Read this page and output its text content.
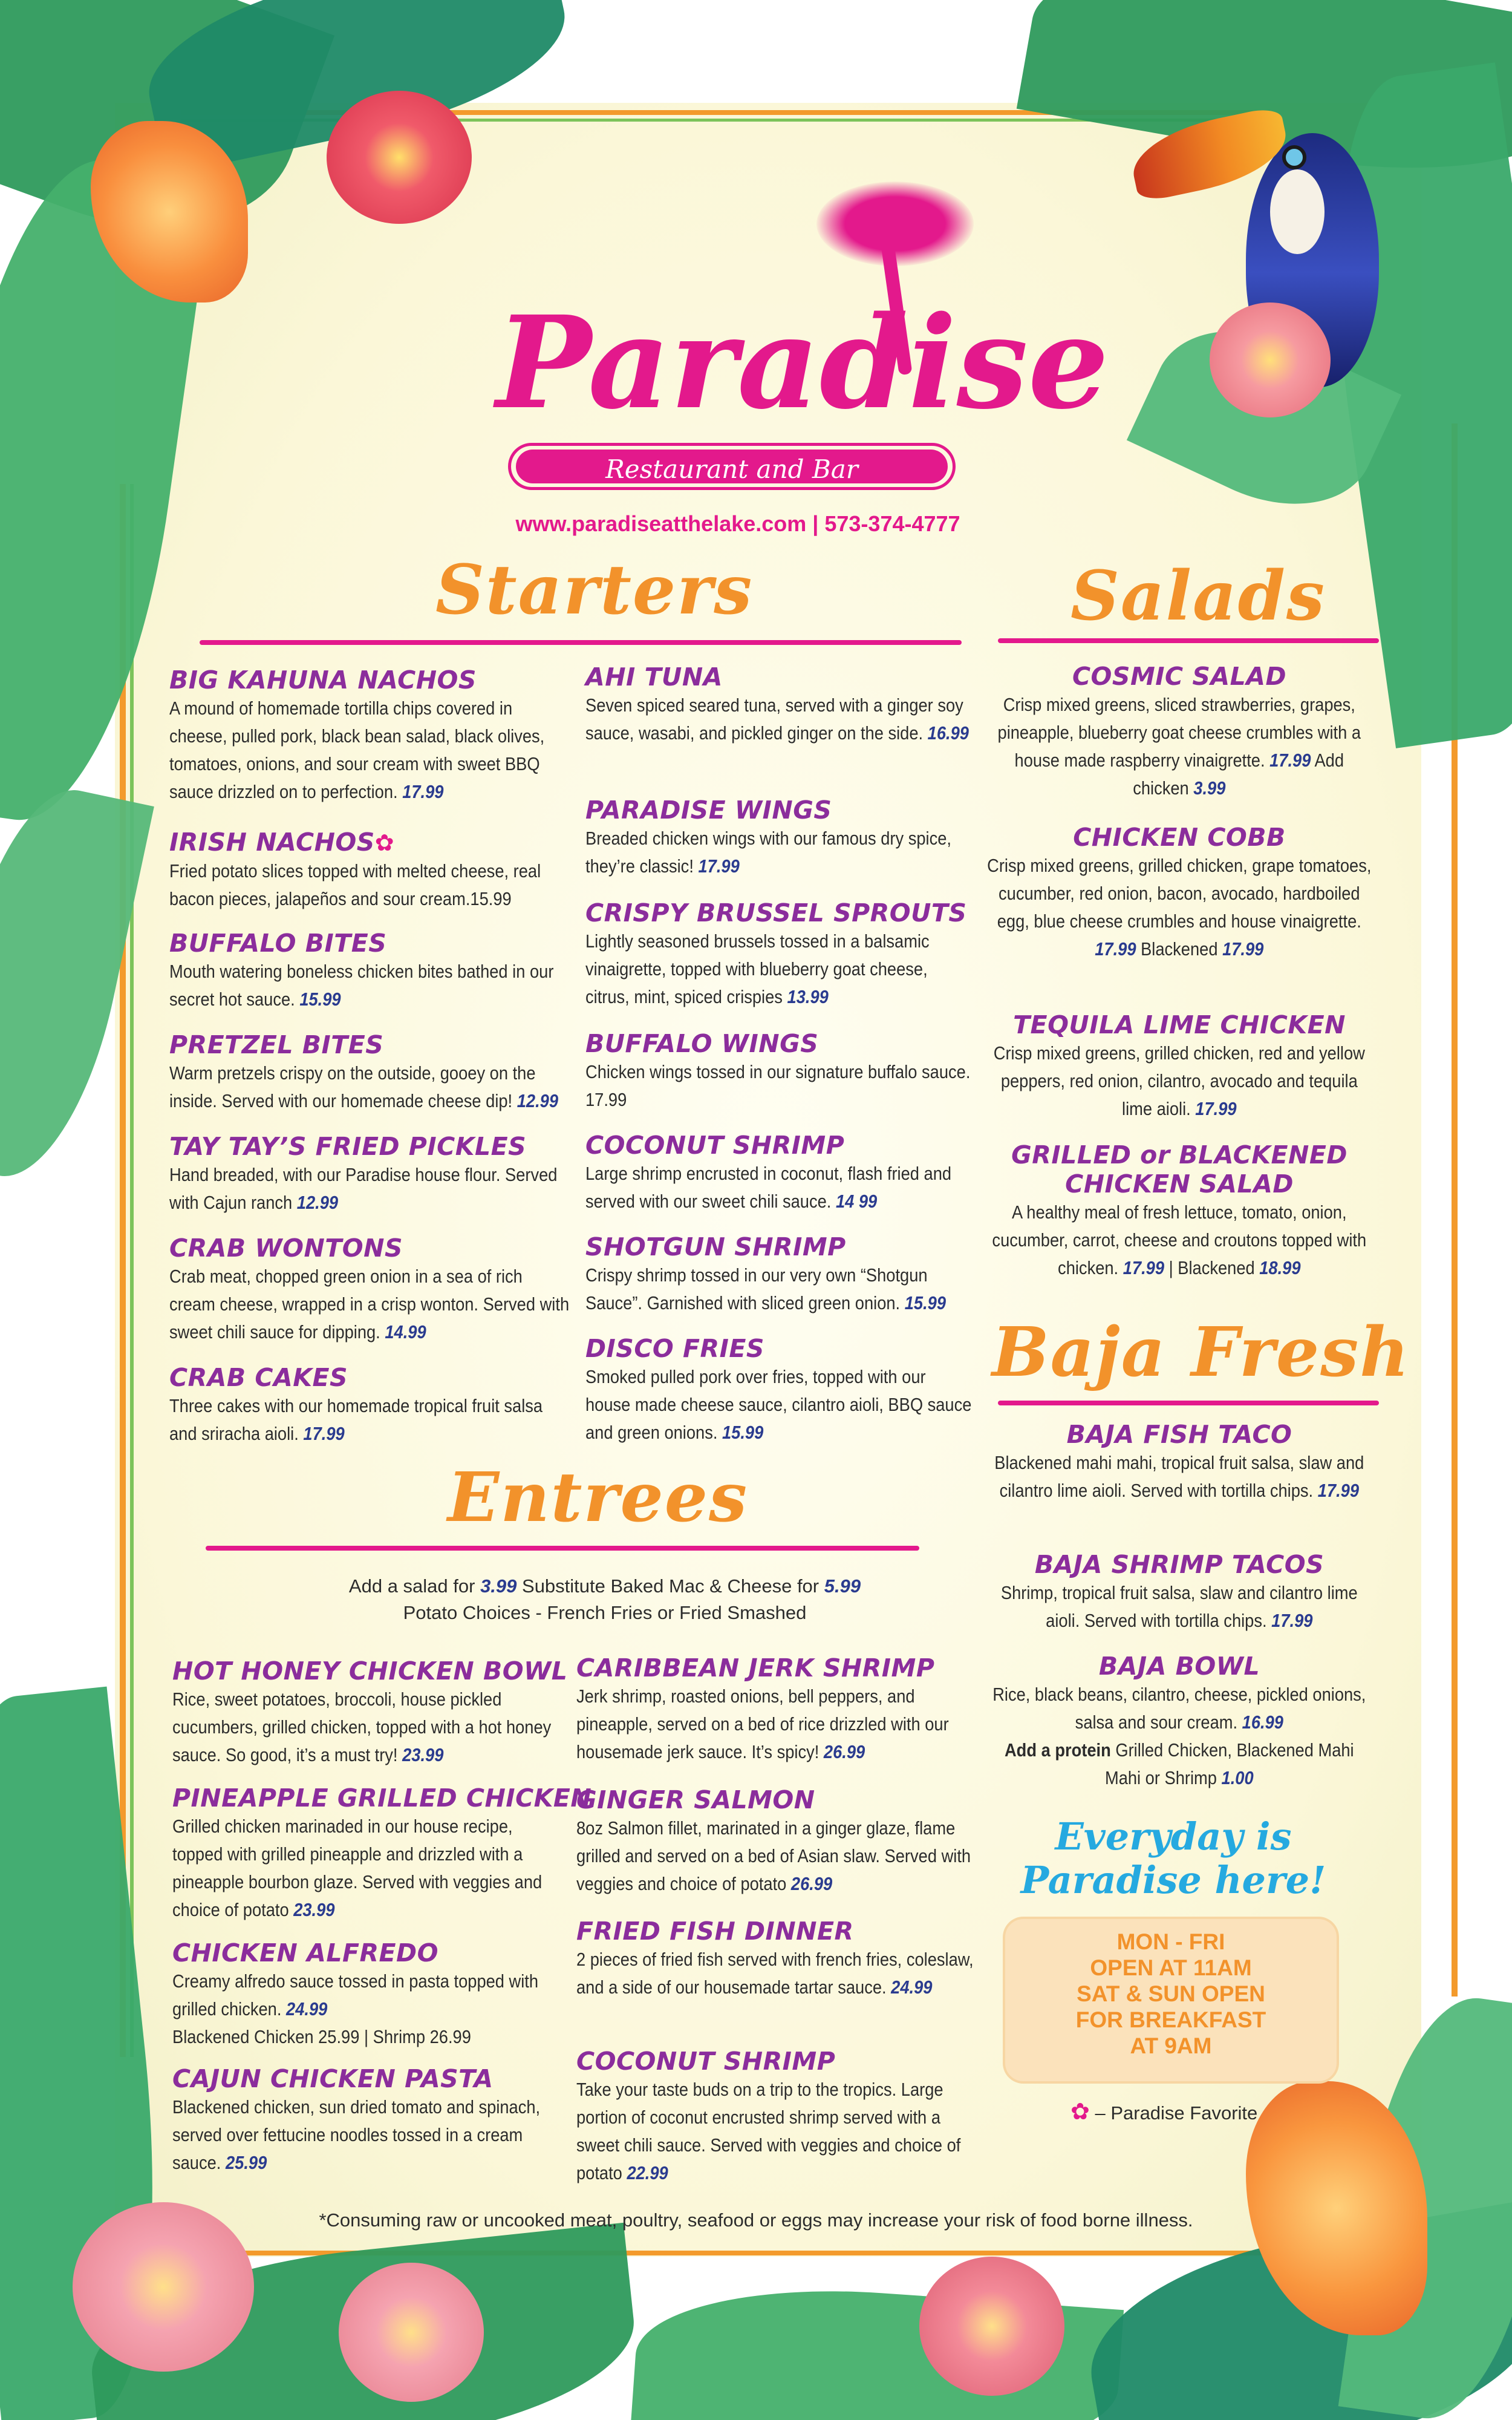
Paradise
Restaurant and Bar
www.paradiseatthelake.com | 573-374-4777
Starters
BIG KAHUNA NACHOS
A mound of homemade tortilla chips covered in cheese, pulled pork, black bean salad, black olives, tomatoes, onions, and sour cream with sweet BBQ sauce drizzled on to perfection. 17.99
IRISH NACHOS✿
Fried potato slices topped with melted cheese, real bacon pieces, jalapeños and sour cream.15.99
BUFFALO BITES
Mouth watering boneless chicken bites bathed in our secret hot sauce. 15.99
PRETZEL BITES
Warm pretzels crispy on the outside, gooey on the inside. Served with our homemade cheese dip! 12.99
TAY TAY’S FRIED PICKLES
Hand breaded, with our Paradise house flour. Served with Cajun ranch 12.99
CRAB WONTONS
Crab meat, chopped green onion in a sea of rich cream cheese, wrapped in a crisp wonton. Served with sweet chili sauce for dipping. 14.99
CRAB CAKES
Three cakes with our homemade tropical fruit salsa and sriracha aioli. 17.99
AHI TUNA
Seven spiced seared tuna, served with a ginger soy sauce, wasabi, and pickled ginger on the side. 16.99
PARADISE WINGS
Breaded chicken wings with our famous dry spice, they’re classic! 17.99
CRISPY BRUSSEL SPROUTS
Lightly seasoned brussels tossed in a balsamic vinaigrette, topped with blueberry goat cheese, citrus, mint, spiced crispies 13.99
BUFFALO WINGS
Chicken wings tossed in our signature buffalo sauce. 17.99
COCONUT SHRIMP
Large shrimp encrusted in coconut, flash fried and served with our sweet chili sauce. 14 99
SHOTGUN SHRIMP
Crispy shrimp tossed in our very own “Shotgun Sauce”. Garnished with sliced green onion. 15.99
DISCO FRIES
Smoked pulled pork over fries, topped with our house made cheese sauce, cilantro aioli, BBQ sauce and green onions. 15.99
Entrees
Add a salad for 3.99 Substitute Baked Mac & Cheese for 5.99
Potato Choices - French Fries or Fried Smashed
HOT HONEY CHICKEN BOWL
Rice, sweet potatoes, broccoli, house pickled cucumbers, grilled chicken, topped with a hot honey sauce. So good, it’s a must try! 23.99
PINEAPPLE GRILLED CHICKEN
Grilled chicken marinaded in our house recipe, topped with grilled pineapple and drizzled with a pineapple bourbon glaze. Served with veggies and choice of potato 23.99
CHICKEN ALFREDO
Creamy alfredo sauce tossed in pasta topped with grilled chicken. 24.99
Blackened Chicken 25.99 | Shrimp 26.99
CAJUN CHICKEN PASTA
Blackened chicken, sun dried tomato and spinach, served over fettucine noodles tossed in a cream sauce. 25.99
CARIBBEAN JERK SHRIMP
Jerk shrimp, roasted onions, bell peppers, and pineapple, served on a bed of rice drizzled with our housemade jerk sauce. It’s spicy! 26.99
GINGER SALMON
8oz Salmon fillet, marinated in a ginger glaze, flame grilled and served on a bed of Asian slaw. Served with veggies and choice of potato 26.99
FRIED FISH DINNER
2 pieces of fried fish served with french fries, coleslaw, and a side of our housemade tartar sauce. 24.99
COCONUT SHRIMP
Take your taste buds on a trip to the tropics. Large portion of coconut encrusted shrimp served with a sweet chili sauce. Served with veggies and choice of potato 22.99
Salads
COSMIC SALAD
Crisp mixed greens, sliced strawberries, grapes, pineapple, blueberry goat cheese crumbles with a house made raspberry vinaigrette. 17.99 Add chicken 3.99
CHICKEN COBB
Crisp mixed greens, grilled chicken, grape tomatoes, cucumber, red onion, bacon, avocado, hardboiled egg, blue cheese crumbles and house vinaigrette. 17.99 Blackened 17.99
TEQUILA LIME CHICKEN
Crisp mixed greens, grilled chicken, red and yellow peppers, red onion, cilantro, avocado and tequila lime aioli. 17.99
GRILLED or BLACKENED CHICKEN SALAD
A healthy meal of fresh lettuce, tomato, onion, cucumber, carrot, cheese and croutons topped with chicken. 17.99 | Blackened 18.99
Baja Fresh
BAJA FISH TACO
Blackened mahi mahi, tropical fruit salsa, slaw and cilantro lime aioli. Served with tortilla chips. 17.99
BAJA SHRIMP TACOS
Shrimp, tropical fruit salsa, slaw and cilantro lime aioli. Served with tortilla chips. 17.99
BAJA BOWL
Rice, black beans, cilantro, cheese, pickled onions, salsa and sour cream. 16.99
Add a protein Grilled Chicken, Blackened Mahi Mahi or Shrimp 1.00
Everyday is
Paradise here!
MON - FRI
OPEN AT 11AM
SAT & SUN OPEN
FOR BREAKFAST
AT 9AM
✿ – Paradise Favorite
*Consuming raw or uncooked meat, poultry, seafood or eggs may increase your risk of food borne illness.
